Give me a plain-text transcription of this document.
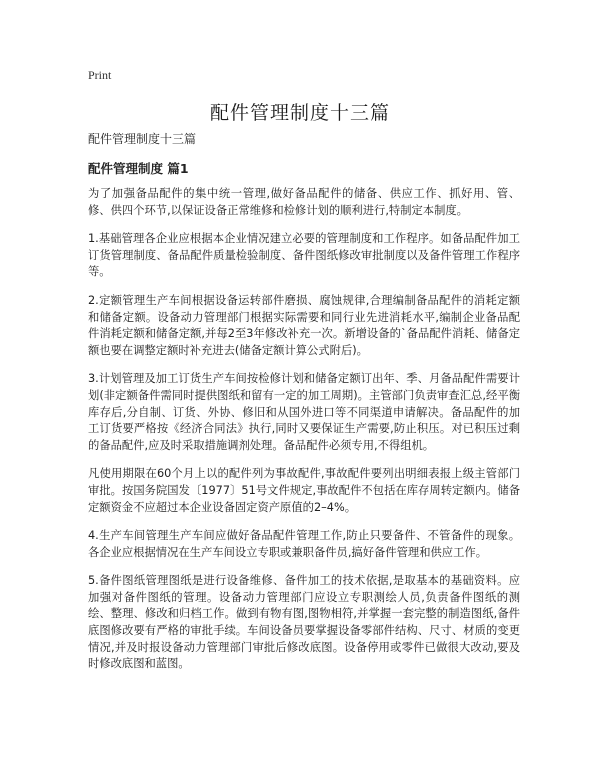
Print
配件管理制度十三篇
配件管理制度十三篇
配件管理制度 篇1

为了加强备品配件的集中统一管理,做好备品配件的储备、供应工作、抓好用、管、修、供四个环节,以保证设备正常维修和检修计划的顺利进行,特制定本制度。

1.基础管理各企业应根据本企业情况建立必要的管理制度和工作程序。如备品配件加工订货管理制度、备品配件质量检验制度、备件图纸修改审批制度以及备件管理工作程序等。

2.定额管理生产车间根据设备运转部件磨损、腐蚀规律,合理编制备品配件的消耗定额和储备定额。设备动力管理部门根据实际需要和同行业先进消耗水平,编制企业备品配件消耗定额和储备定额,并每2至3年修改补充一次。新增设备的`备品配件消耗、储备定额也要在调整定额时补充进去(储备定额计算公式附后)。

3.计划管理及加工订货生产车间按检修计划和储备定额订出年、季、月备品配件需要计划(非定额备件需同时提供图纸和留有一定的加工周期)。主管部门负责审查汇总,经平衡库存后,分自制、订货、外协、修旧和从国外进口等不同渠道申请解决。备品配件的加工订货要严格按《经济合同法》执行,同时又要保证生产需要,防止积压。对已积压过剩的备品配件,应及时采取措施调剂处理。备品配件必须专用,不得组机。

凡使用期限在60个月上以的配件列为事故配件,事故配件要列出明细表报上级主管部门审批。按国务院国发〔1977〕51号文件规定,事故配件不包括在库存周转定额内。储备定额资金不应超过本企业设备固定资产原值的2–4%。

4.生产车间管理生产车间应做好备品配件管理工作,防止只要备件、不管备件的现象。各企业应根据情况在生产车间设立专职或兼职备件员,搞好备件管理和供应工作。

5.备件图纸管理图纸是进行设备维修、备件加工的技术依据,是取基本的基础资料。应加强对备件图纸的管理。设备动力管理部门应设立专职测绘人员,负责备件图纸的测绘、整理、修改和归档工作。做到有物有图,图物相符,并掌握一套完整的制造图纸,备件底图修改要有严格的审批手续。车间设备员要掌握设备零部件结构、尺寸、材质的变更情况,并及时报设备动力管理部门审批后修改底图。设备停用或零件已做很大改动,要及时修改底图和蓝图。
